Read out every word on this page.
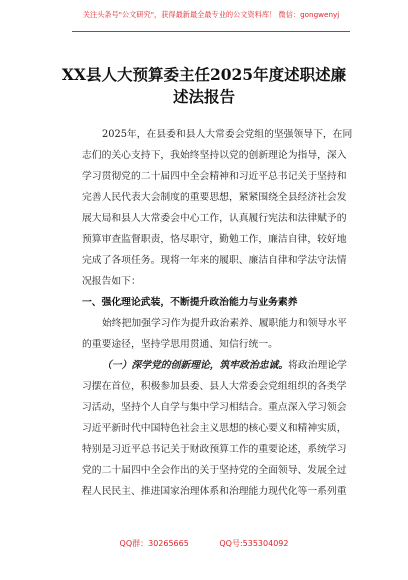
关注头条号"公文研究"，获得最新最全最专业的公文资料库！ 微信：gongwenyj
XX县人大预算委主任2025年度述职述廉
述法报告
2025年，在县委和县人大常委会党组的坚强领导下，在同
志们的关心支持下，我始终坚持以党的创新理论为指导，深入
学习贯彻党的二十届四中全会精神和习近平总书记关于坚持和
完善人民代表大会制度的重要思想，紧紧围绕全县经济社会发
展大局和县人大常委会中心工作，认真履行宪法和法律赋予的
预算审查监督职责，恪尽职守，勤勉工作，廉洁自律，较好地
完成了各项任务。现将一年来的履职、廉洁自律和学法守法情
况报告如下：
一、强化理论武装，不断提升政治能力与业务素养
始终把加强学习作为提升政治素养、履职能力和领导水平
的重要途径，坚持学思用贯通、知信行统一。
（一）深学党的创新理论，筑牢政治忠诚。将政治理论学
习摆在首位，积极参加县委、县人大常委会党组组织的各类学
习活动，坚持个人自学与集中学习相结合。重点深入学习领会
习近平新时代中国特色社会主义思想的核心要义和精神实质，
特别是习近平总书记关于财政预算工作的重要论述，系统学习
党的二十届四中全会作出的关于坚持党的全面领导、发展全过
程人民民主、推进国家治理体系和治理能力现代化等一系列重
QQ群：30265665	QQ号:535304092
